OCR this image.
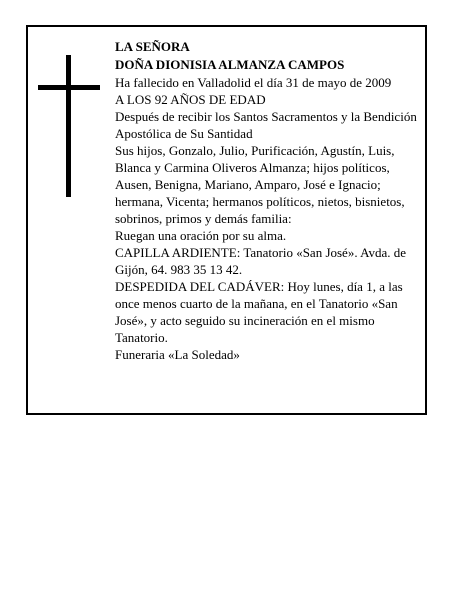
LA SEÑORA

DOÑA DIONISIA ALMANZA CAMPOS

Ha fallecido en Valladolid el día 31 de mayo de 2009

A LOS 92 AÑOS DE EDAD

Después de recibir los Santos Sacramentos y la Bendición Apostólica de Su Santidad

Sus hijos, Gonzalo, Julio, Purificación, Agustín, Luis, Blanca y Carmina Oliveros Almanza; hijos políticos, Ausen, Benigna, Mariano, Amparo, José e Ignacio; hermana, Vicenta; hermanos políticos, nietos, bisnietos, sobrinos, primos y demás familia:

Ruegan una oración por su alma.

CAPILLA ARDIENTE: Tanatorio «San José». Avda. de Gijón, 64. 983 35 13 42.

DESPEDIDA DEL CADÁVER: Hoy lunes, día 1, a las once menos cuarto de la mañana, en el Tanatorio «San José», y acto seguido su incineración en el mismo Tanatorio.

Funeraria «La Soledad»
